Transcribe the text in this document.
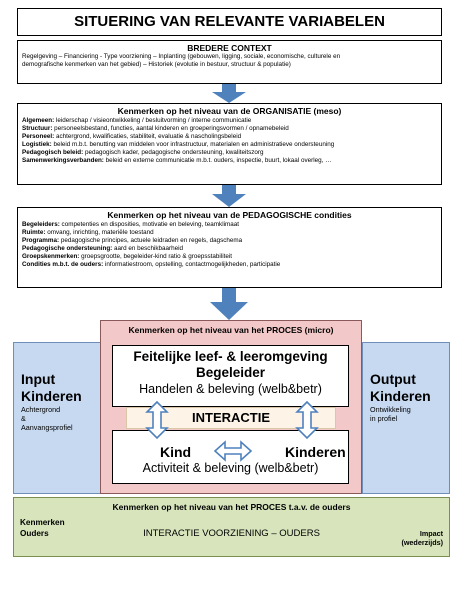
SITUERING VAN RELEVANTE VARIABELEN
BREDERE CONTEXT
Regelgeving – Financiering - Type voorziening – Inplanting (gebouwen, ligging, sociale, economische, culturele en
demografische kenmerken van het gebied) – Historiek (evolutie in bestuur, structuur & populatie)
Kenmerken op het niveau van de ORGANISATIE (meso)
Algemeen: leiderschap / visieontwikkeling / besluitvorming / interne communicatie
Structuur: personeelsbestand, functies, aantal kinderen en groeperingsvormen / opnamebeleid
Personeel: achtergrond, kwalificaties, stabiliteit, evaluatie & nascholingsbeleid
Logistiek: beleid m.b.t. benutting van middelen voor infrastructuur, materialen en administratieve ondersteuning
Pedagogisch beleid: pedagogisch kader, pedagogische ondersteuning, kwaliteitszorg
Samenwerkingsverbanden: beleid en externe communicatie m.b.t. ouders, inspectie, buurt, lokaal overleg, …
Kenmerken op het niveau van de PEDAGOGISCHE condities
Begeleiders: competenties en disposities, motivatie en beleving, teamklimaat
Ruimte: omvang, inrichting, materiële toestand
Programma: pedagogische principes, actuele leidraden en regels, dagschema
Pedagogische ondersteuning: aard en beschikbaarheid
Groepskenmerken: groepsgrootte, begeleider-kind ratio & groepsstabiliteit
Condities m.b.t. de ouders: informatiestroom, opstelling, contactmogelijkheden, participatie
Input
Kinderen
Achtergrond
&
Aanvangsprofiel
Output
Kinderen
Ontwikkeling
in profiel
Kenmerken op het niveau van het PROCES (micro)
Feitelijke leef- & leeromgeving
Begeleider
Handelen & beleving (welb&betr)
Kind	Kinderen
Activiteit & beleving (welb&betr)
INTERACTIE
Kenmerken op het niveau van het PROCES t.a.v. de ouders
Kenmerken
Ouders	INTERACTIE VOORZIENING – OUDERS	Impact
(wederzijds)
